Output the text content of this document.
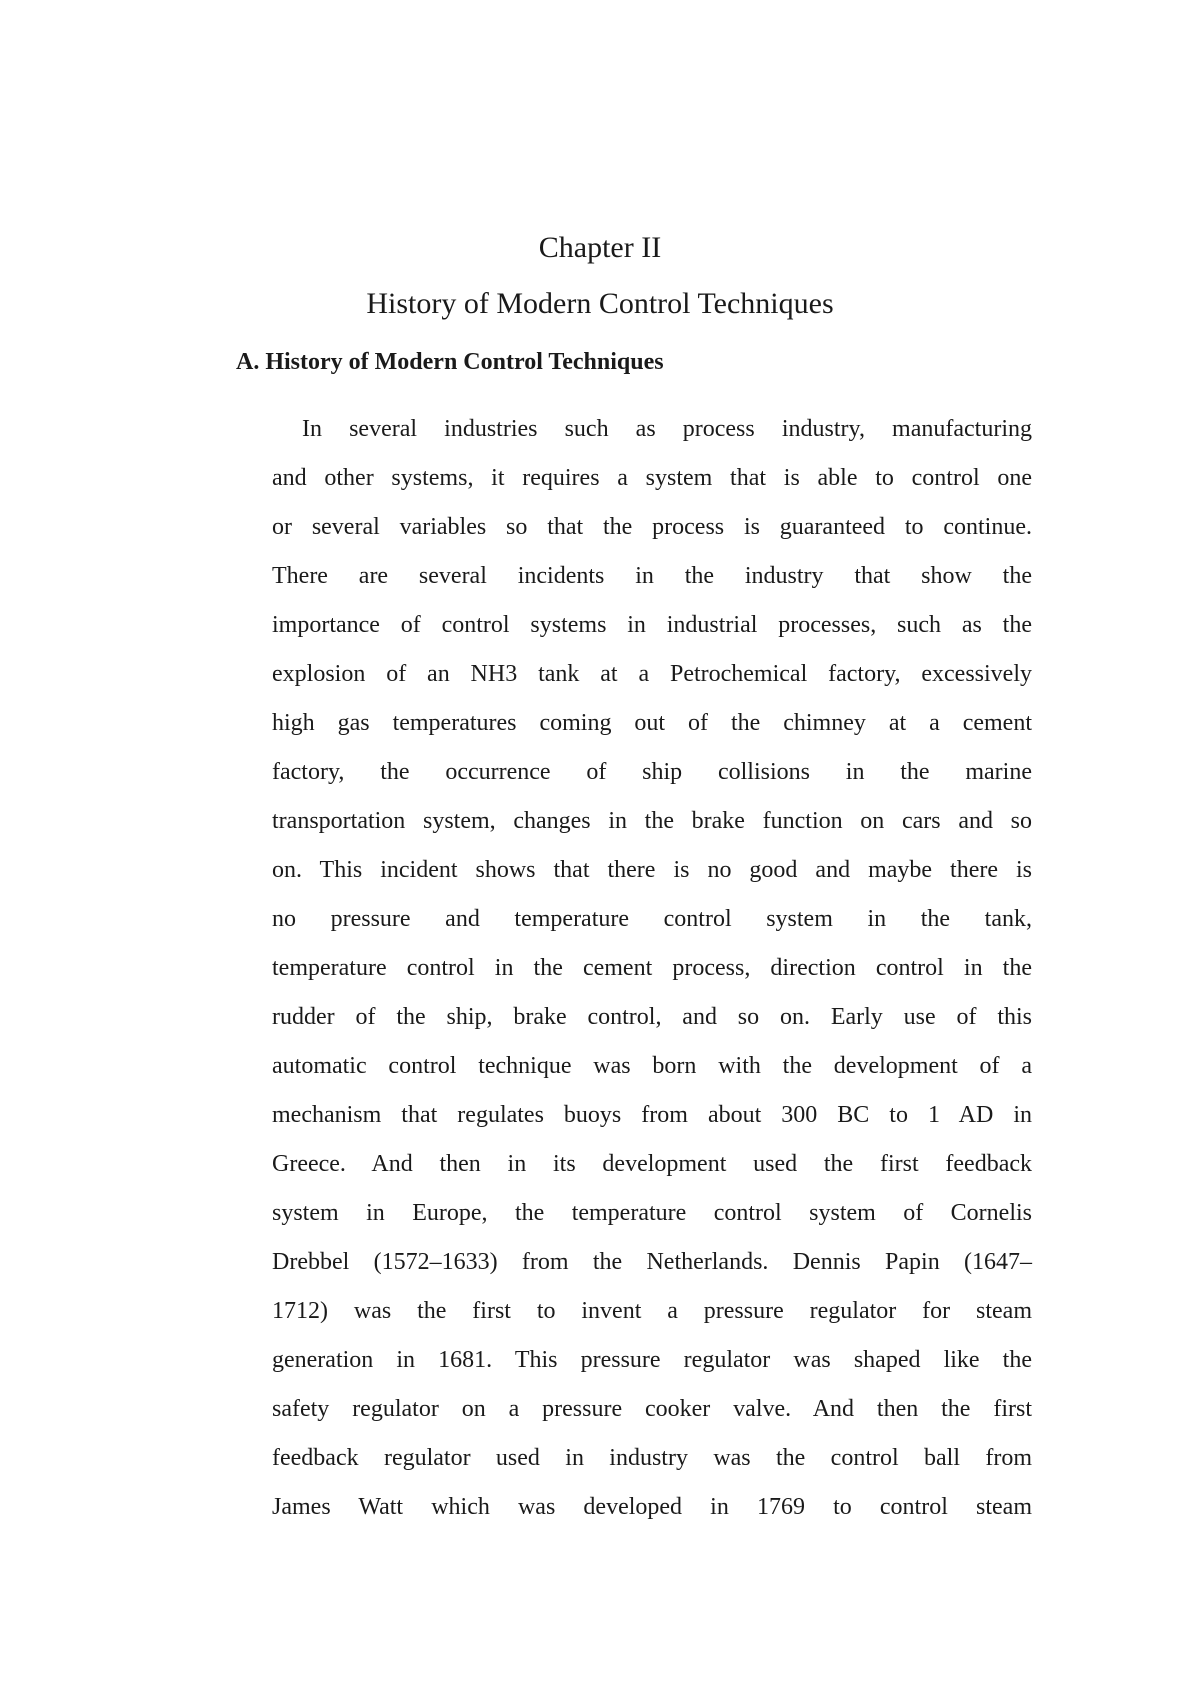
Chapter II
History of Modern Control Techniques
A. History of Modern Control Techniques
In several industries such as process industry, manufacturing
and other systems, it requires a system that is able to control one
or several variables so that the process is guaranteed to continue.
There are several incidents in the industry that show the
importance of control systems in industrial processes, such as the
explosion of an NH3 tank at a Petrochemical factory, excessively
high gas temperatures coming out of the chimney at a cement
factory, the occurrence of ship collisions in the marine
transportation system, changes in the brake function on cars and so
on. This incident shows that there is no good and maybe there is
no pressure and temperature control system in the tank,
temperature control in the cement process, direction control in the
rudder of the ship, brake control, and so on. Early use of this
automatic control technique was born with the development of a
mechanism that regulates buoys from about 300 BC to 1 AD in
Greece. And then in its development used the first feedback
system in Europe, the temperature control system of Cornelis
Drebbel (1572–1633) from the Netherlands. Dennis Papin (1647–
1712) was the first to invent a pressure regulator for steam
generation in 1681. This pressure regulator was shaped like the
safety regulator on a pressure cooker valve. And then the first
feedback regulator used in industry was the control ball from
James Watt which was developed in 1769 to control steam
